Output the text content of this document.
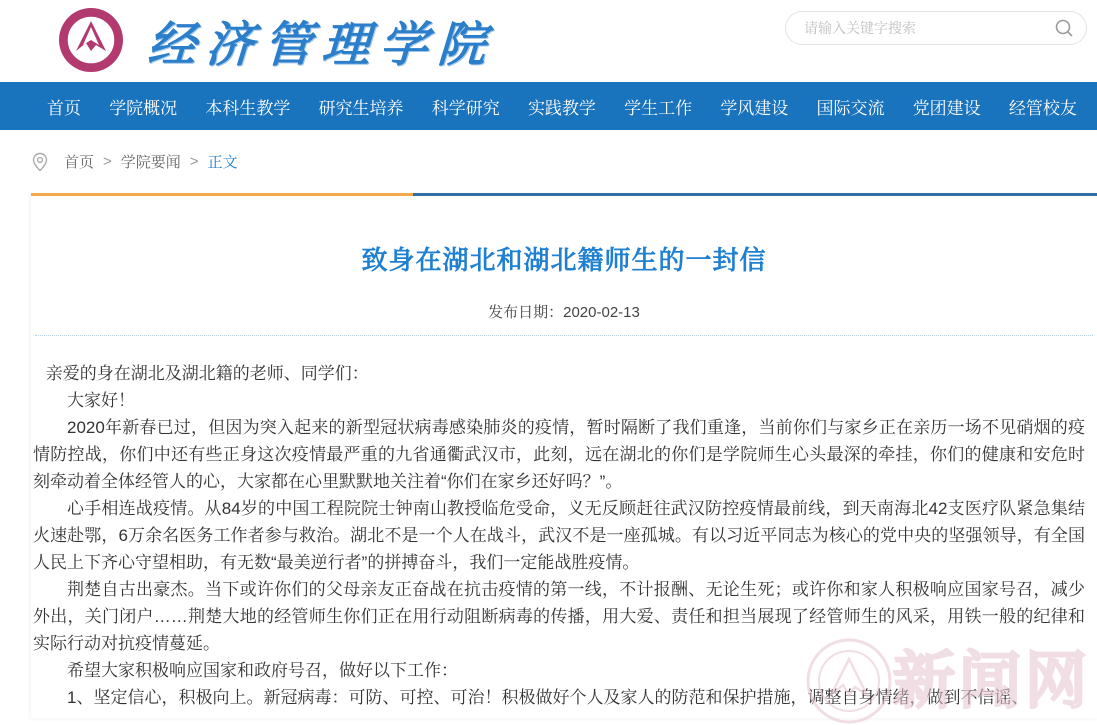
经济管理学院
请输入关键字搜索
首页 学院概况 本科生教学 研究生培养 科学研究 实践教学 学生工作 学风建设 国际交流 党团建设 经管校友
首页 > 学院要闻 > 正文
致身在湖北和湖北籍师生的一封信
发布日期：2020-02-13

亲爱的身在湖北及湖北籍的老师、同学们：

大家好！

2020年新春已过，但因为突入起来的新型冠状病毒感染肺炎的疫情，暂时隔断了我们重逢，当前你们与家乡正在亲历一场不见硝烟的疫情防控战，你们中还有些正身这次疫情最严重的九省通衢武汉市，此刻，远在湖北的你们是学院师生心头最深的牵挂，你们的健康和安危时刻牵动着全体经管人的心，大家都在心里默默地关注着“你们在家乡还好吗？”。

心手相连战疫情。从84岁的中国工程院院士钟南山教授临危受命，义无反顾赶往武汉防控疫情最前线，到天南海北42支医疗队紧急集结火速赴鄂，6万余名医务工作者参与救治。湖北不是一个人在战斗，武汉不是一座孤城。有以习近平同志为核心的党中央的坚强领导，有全国人民上下齐心守望相助，有无数“最美逆行者”的拼搏奋斗，我们一定能战胜疫情。

荆楚自古出豪杰。当下或许你们的父母亲友正奋战在抗击疫情的第一线，不计报酬、无论生死；或许你和家人积极响应国家号召，减少外出，关门闭户……荆楚大地的经管师生你们正在用行动阻断病毒的传播，用大爱、责任和担当展现了经管师生的风采，用铁一般的纪律和实际行动对抗疫情蔓延。

希望大家积极响应国家和政府号召，做好以下工作：

1、坚定信心，积极向上。新冠病毒：可防、可控、可治！积极做好个人及家人的防范和保护措施，调整自身情绪，做到不信谣、
